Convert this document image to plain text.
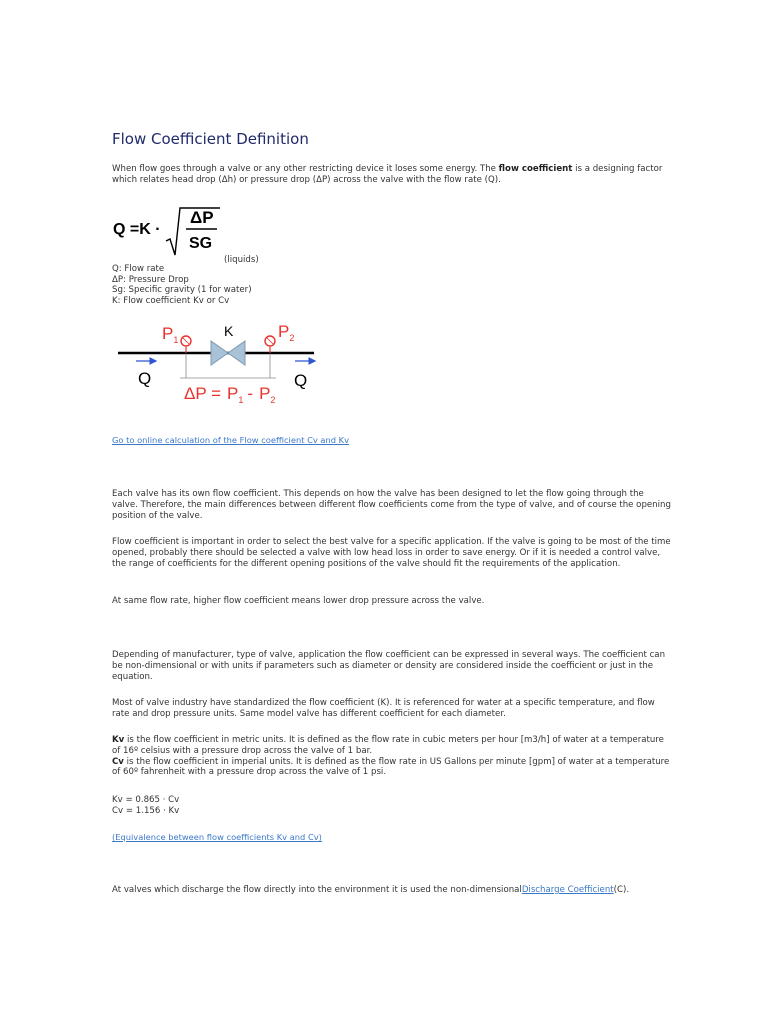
Flow Coefficient Definition

When flow goes through a valve or any other restricting device it loses some energy. The flow coefficient is a designing factor which relates head drop (Δh) or pressure drop (ΔP) across the valve with the flow rate (Q).

Q =K ·
ΔP
SG
(liquids)
Q: Flow rate
ΔP: Pressure Drop
Sg: Specific gravity (1 for water)
K: Flow coefficient Kv or Cv
Q	Q
K
$P_1$	$P_2$
$\Delta P = P_1 - P_2$
Go to online calculation of the Flow coefficient Cv and Kv

Each valve has its own flow coefficient. This depends on how the valve has been designed to let the flow going through the valve. Therefore, the main differences between different flow coefficients come from the type of valve, and of course the opening position of the valve.

Flow coefficient is important in order to select the best valve for a specific application. If the valve is going to be most of the time opened, probably there should be selected a valve with low head loss in order to save energy. Or if it is needed a control valve, the range of coefficients for the different opening positions of the valve should fit the requirements of the application.

At same flow rate, higher flow coefficient means lower drop pressure across the valve.

Depending of manufacturer, type of valve, application the flow coefficient can be expressed in several ways. The coefficient can be non-dimensional or with units if parameters such as diameter or density are considered inside the coefficient or just in the equation.

Most of valve industry have standardized the flow coefficient (K). It is referenced for water at a specific temperature, and flow rate and drop pressure units. Same model valve has different coefficient for each diameter.

Kv is the flow coefficient in metric units. It is defined as the flow rate in cubic meters per hour [m3/h] of water at a temperature of 16º celsius with a pressure drop across the valve of 1 bar.
Cv is the flow coefficient in imperial units. It is defined as the flow rate in US Gallons per minute [gpm] of water at a temperature of 60º fahrenheit with a pressure drop across the valve of 1 psi.

Kv = 0.865 · Cv
Cv = 1.156 · Kv
(Equivalence between flow coefficients Kv and Cv)

At valves which discharge the flow directly into the environment it is used the non-dimensionalDischarge Coefficient(C).
